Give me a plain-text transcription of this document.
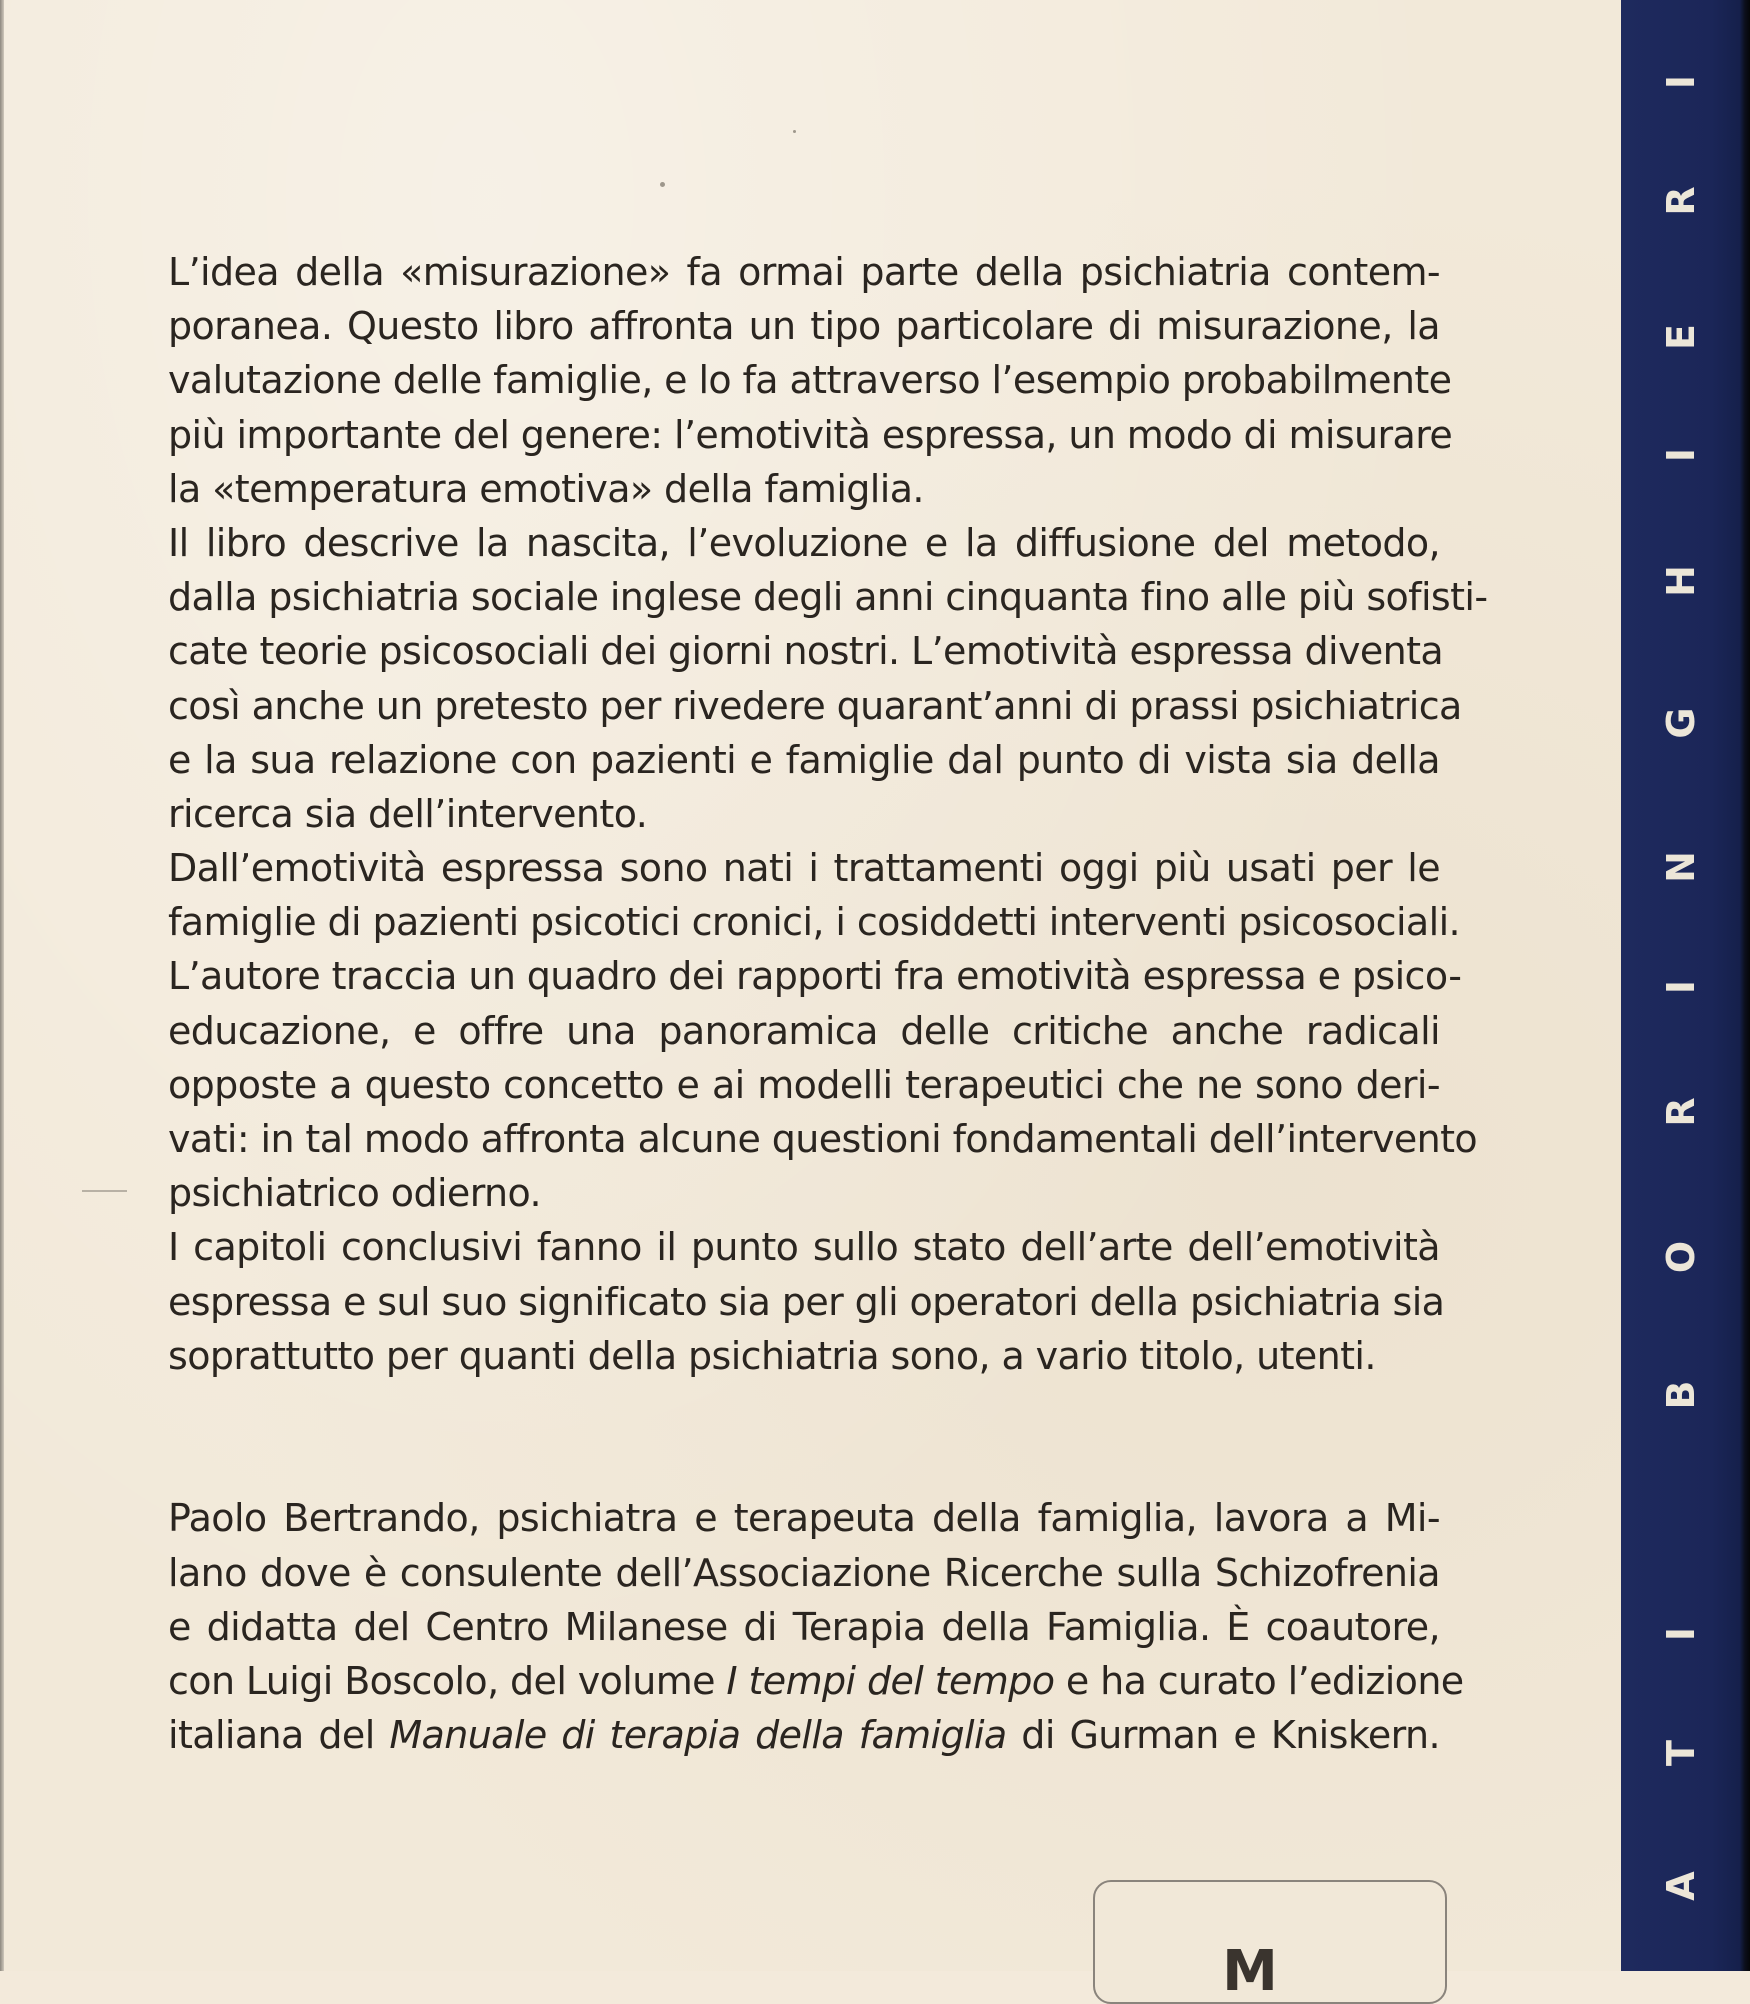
L’idea della «misurazione» fa ormai parte della psichiatria contem-
poranea. Questo libro affronta un tipo particolare di misurazione, la
valutazione delle famiglie, e lo fa attraverso l’esempio probabilmente
più importante del genere: l’emotività espressa, un modo di misurare
la «temperatura emotiva» della famiglia.
Il libro descrive la nascita, l’evoluzione e la diffusione del metodo,
dalla psichiatria sociale inglese degli anni cinquanta fino alle più sofisti-
cate teorie psicosociali dei giorni nostri. L’emotività espressa diventa
così anche un pretesto per rivedere quarant’anni di prassi psichiatrica
e la sua relazione con pazienti e famiglie dal punto di vista sia della
ricerca sia dell’intervento.
Dall’emotività espressa sono nati i trattamenti oggi più usati per le
famiglie di pazienti psicotici cronici, i cosiddetti interventi psicosociali.
L’autore traccia un quadro dei rapporti fra emotività espressa e psico-
educazione, e offre una panoramica delle critiche anche radicali
opposte a questo concetto e ai modelli terapeutici che ne sono deri-
vati: in tal modo affronta alcune questioni fondamentali dell’intervento
psichiatrico odierno.
I capitoli conclusivi fanno il punto sullo stato dell’arte dell’emotività
espressa e sul suo significato sia per gli operatori della psichiatria sia
soprattutto per quanti della psichiatria sono, a vario titolo, utenti.
Paolo Bertrando, psichiatra e terapeuta della famiglia, lavora a Mi-
lano dove è consulente dell’Associazione Ricerche sulla Schizofrenia
e didatta del Centro Milanese di Terapia della Famiglia. È coautore,
con Luigi Boscolo, del volume I tempi del tempo e ha curato l’edizione
italiana del Manuale di terapia della famiglia di Gurman e Kniskern.
A
T
I
B
O
R
I
N
G
H
I
E
R
I
M
